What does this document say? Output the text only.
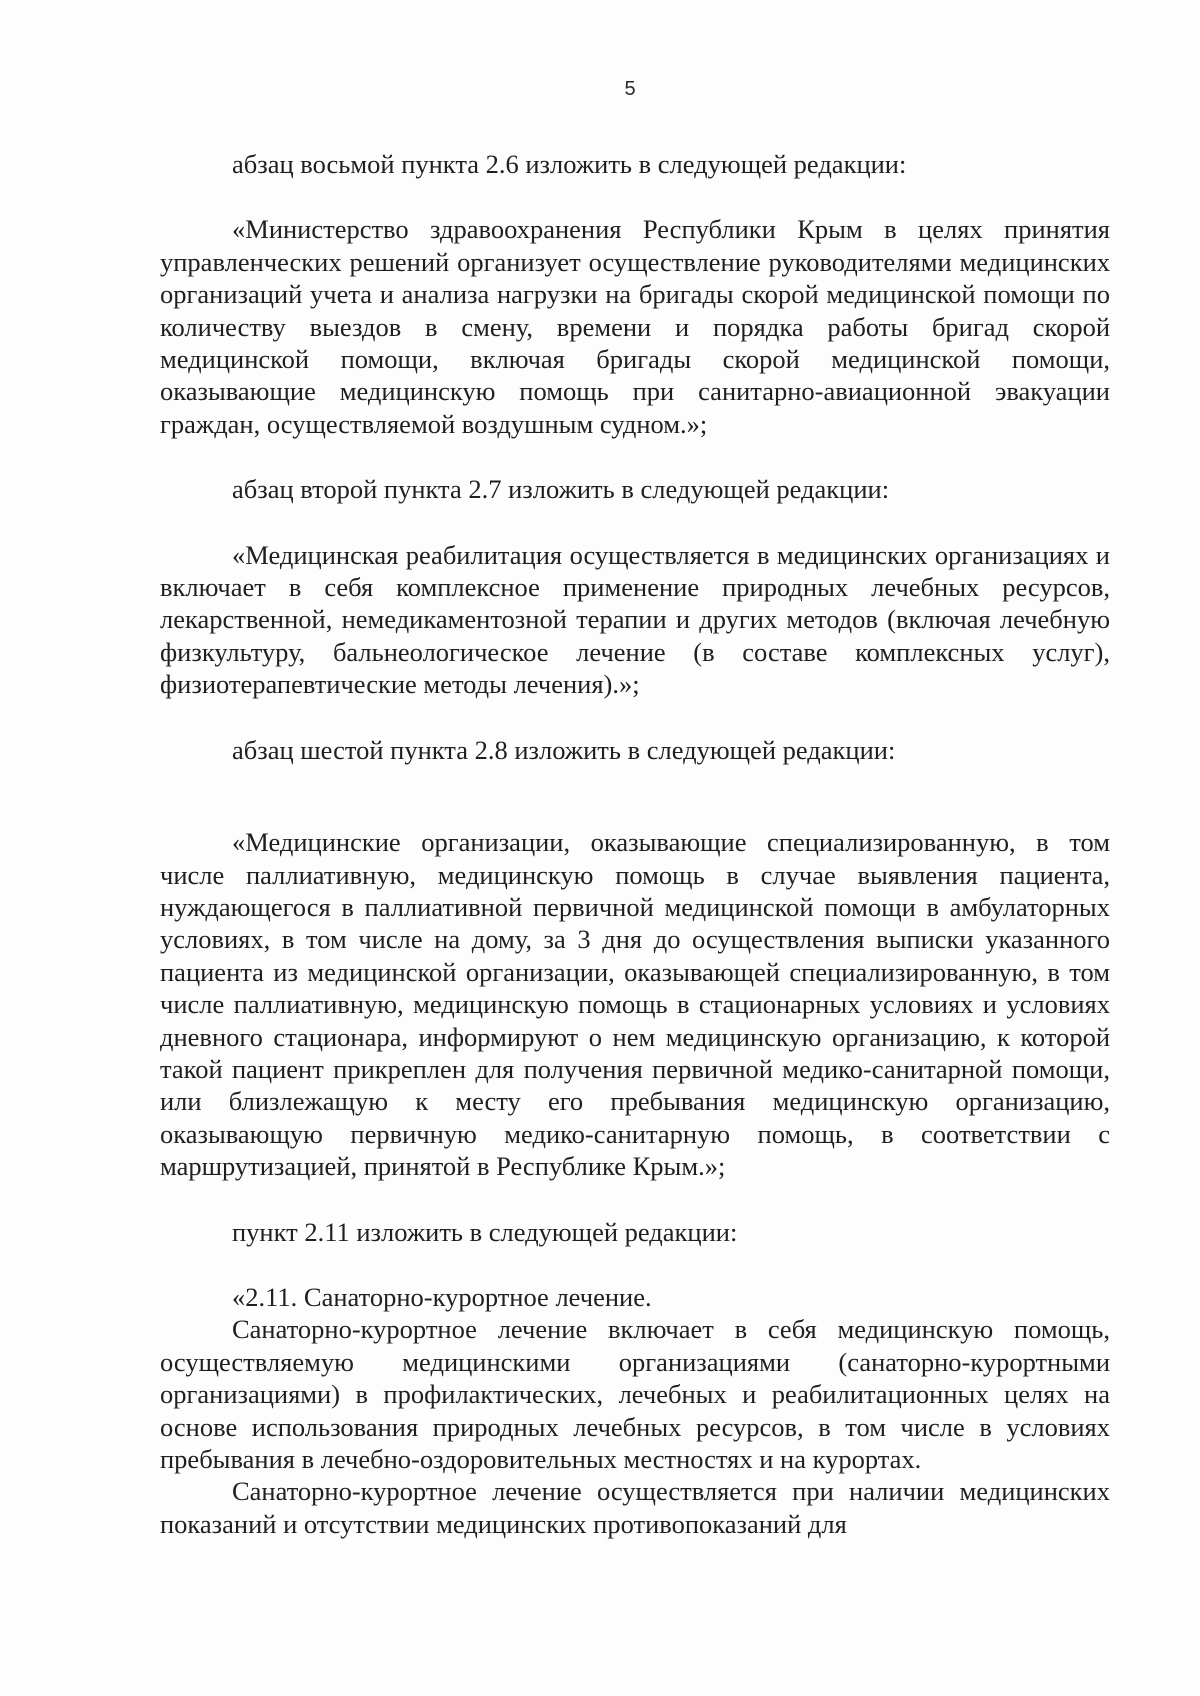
5

абзац восьмой пункта 2.6 изложить в следующей редакции:

«Министерство здравоохранения Республики Крым в целях принятия управленческих решений организует осуществление руководителями медицинских организаций учета и анализа нагрузки на бригады скорой медицинской помощи по количеству выездов в смену, времени и порядка работы бригад скорой медицинской помощи, включая бригады скорой медицинской помощи, оказывающие медицинскую помощь при санитарно-авиационной эвакуации граждан, осуществляемой воздушным судном.»;

абзац второй пункта 2.7 изложить в следующей редакции:

«Медицинская реабилитация осуществляется в медицинских организациях и включает в себя комплексное применение природных лечебных ресурсов, лекарственной, немедикаментозной терапии и других методов (включая лечебную физкультуру, бальнеологическое лечение (в составе комплексных услуг), физиотерапевтические методы лечения).»;

абзац шестой пункта 2.8 изложить в следующей редакции:

«Медицинские организации, оказывающие специализированную, в том числе паллиативную, медицинскую помощь в случае выявления пациента, нуждающегося в паллиативной первичной медицинской помощи в амбулаторных условиях, в том числе на дому, за 3 дня до осуществления выписки указанного пациента из медицинской организации, оказывающей специализированную, в том числе паллиативную, медицинскую помощь в стационарных условиях и условиях дневного стационара, информируют о нем медицинскую организацию, к которой такой пациент прикреплен для получения первичной медико-санитарной помощи, или близлежащую к месту его пребывания медицинскую организацию, оказывающую первичную медико-санитарную помощь, в соответствии с маршрутизацией, принятой в Республике Крым.»;

пункт 2.11 изложить в следующей редакции:

«2.11. Санаторно-курортное лечение.

Санаторно-курортное лечение включает в себя медицинскую помощь, осуществляемую медицинскими организациями (санаторно-курортными организациями) в профилактических, лечебных и реабилитационных целях на основе использования природных лечебных ресурсов, в том числе в условиях пребывания в лечебно-оздоровительных местностях и на курортах.

Санаторно-курортное лечение осуществляется при наличии медицинских показаний и отсутствии медицинских противопоказаний для
